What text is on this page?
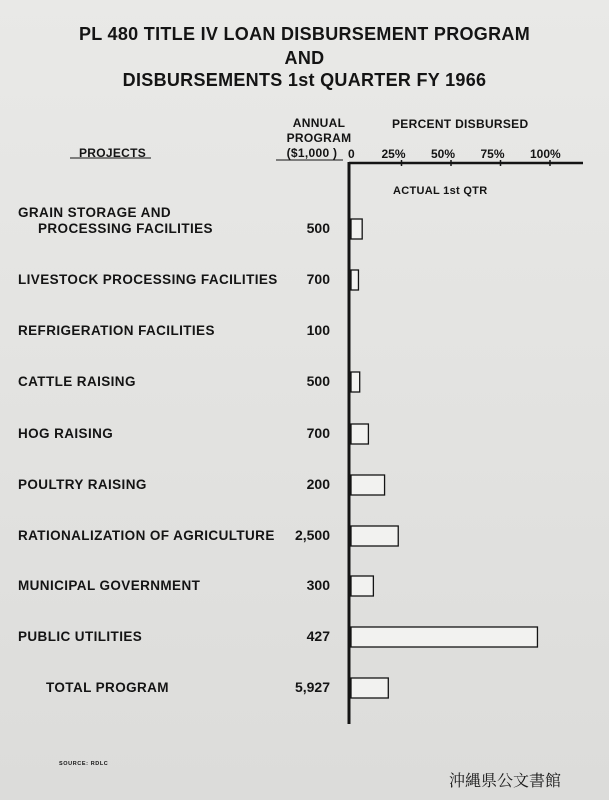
PL 480 TITLE IV LOAN DISBURSEMENT PROGRAM
AND
DISBURSEMENTS 1st QUARTER FY 1966
PROJECTS
ANNUAL
PROGRAM
($1,000 )
PERCENT DISBURSED
ACTUAL 1st QTR
GRAIN STORAGE AND
PROCESSING FACILITIES	500
LIVESTOCK PROCESSING FACILITIES	700
REFRIGERATION FACILITIES	100
CATTLE RAISING	500
HOG RAISING	700
POULTRY RAISING	200
RATIONALIZATION OF AGRICULTURE	2,500
MUNICIPAL GOVERNMENT	300
PUBLIC UTILITIES	427
TOTAL PROGRAM	5,927
0 25% 50% 75% 100%
SOURCE: RDLC
沖縄県公文書館
